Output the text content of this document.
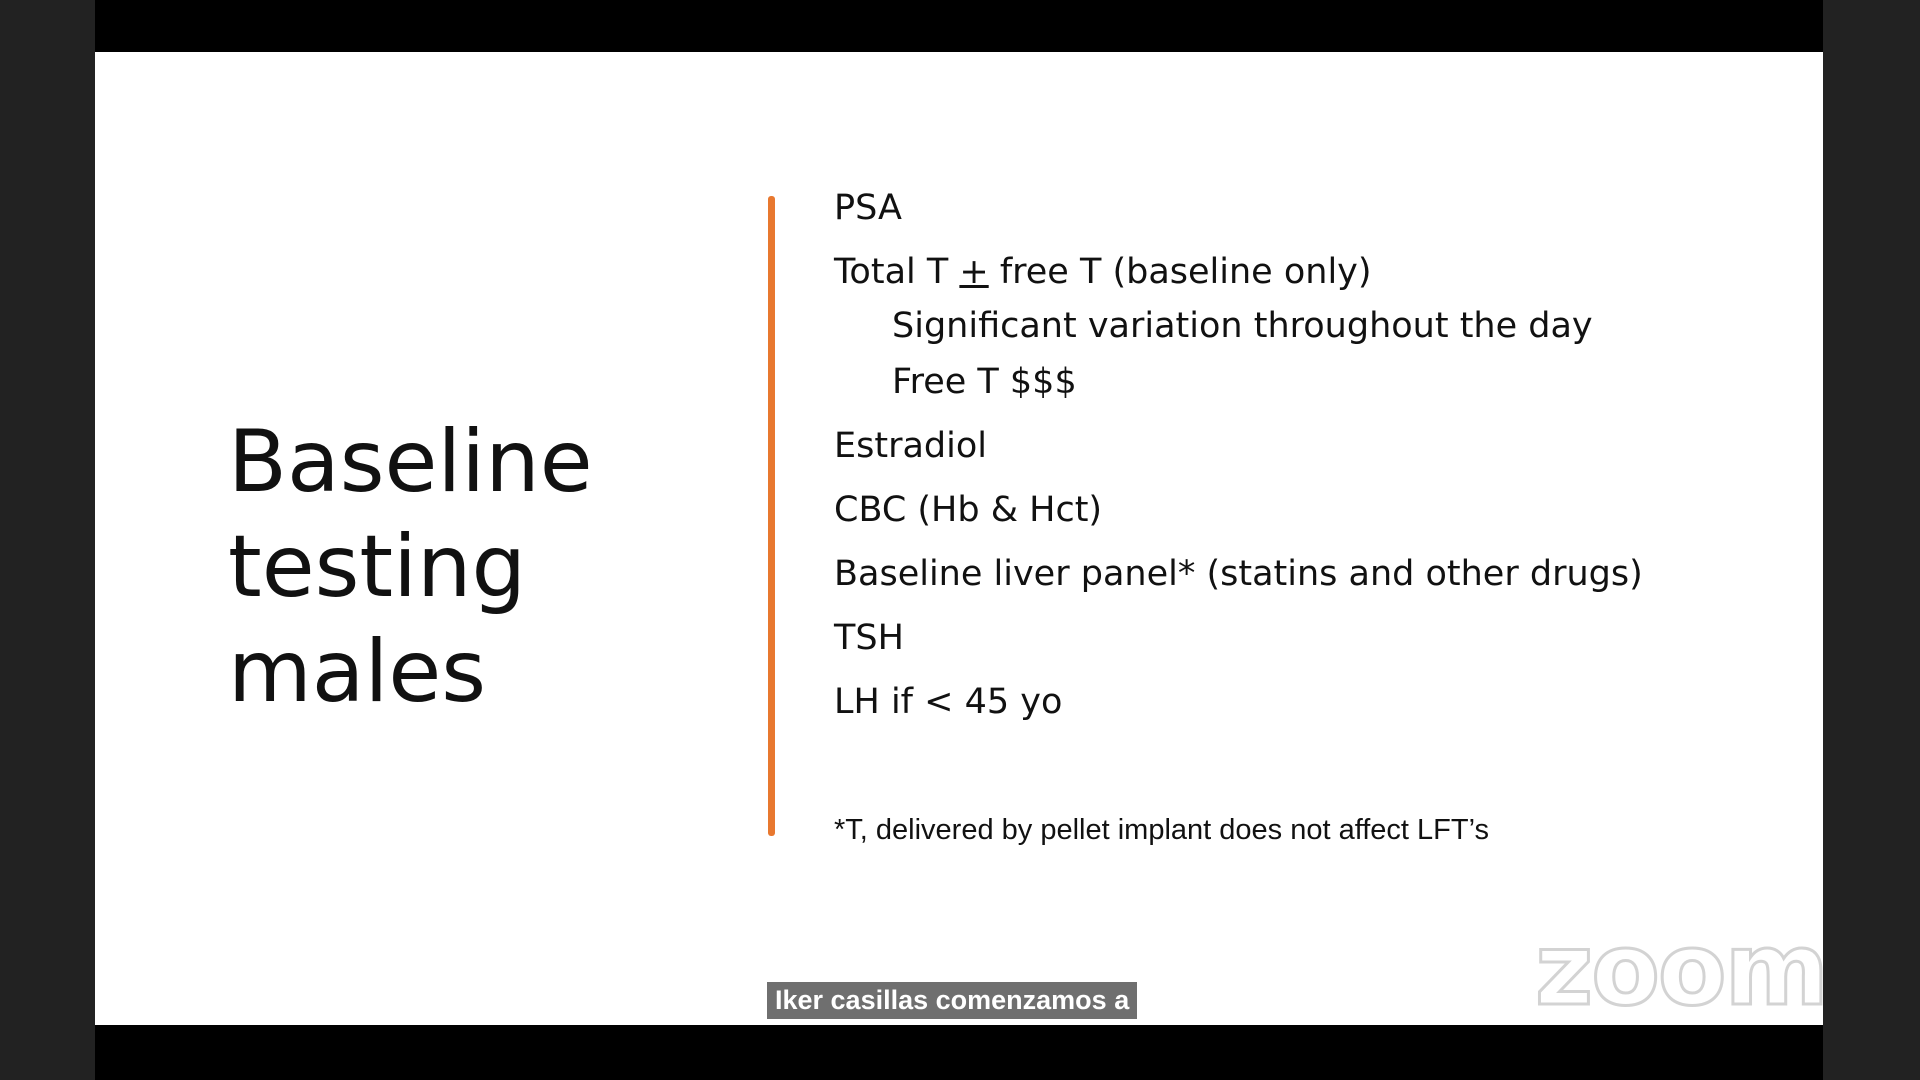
Baseline
testing
males
PSA
Total T + free T (baseline only)
Significant variation throughout the day
Free T $$$
Estradiol
CBC (Hb & Hct)
Baseline liver panel* (statins and other drugs)
TSH
LH if < 45 yo
*T, delivered by pellet implant does not affect LFT’s
Iker casillas comenzamos a	zoom
